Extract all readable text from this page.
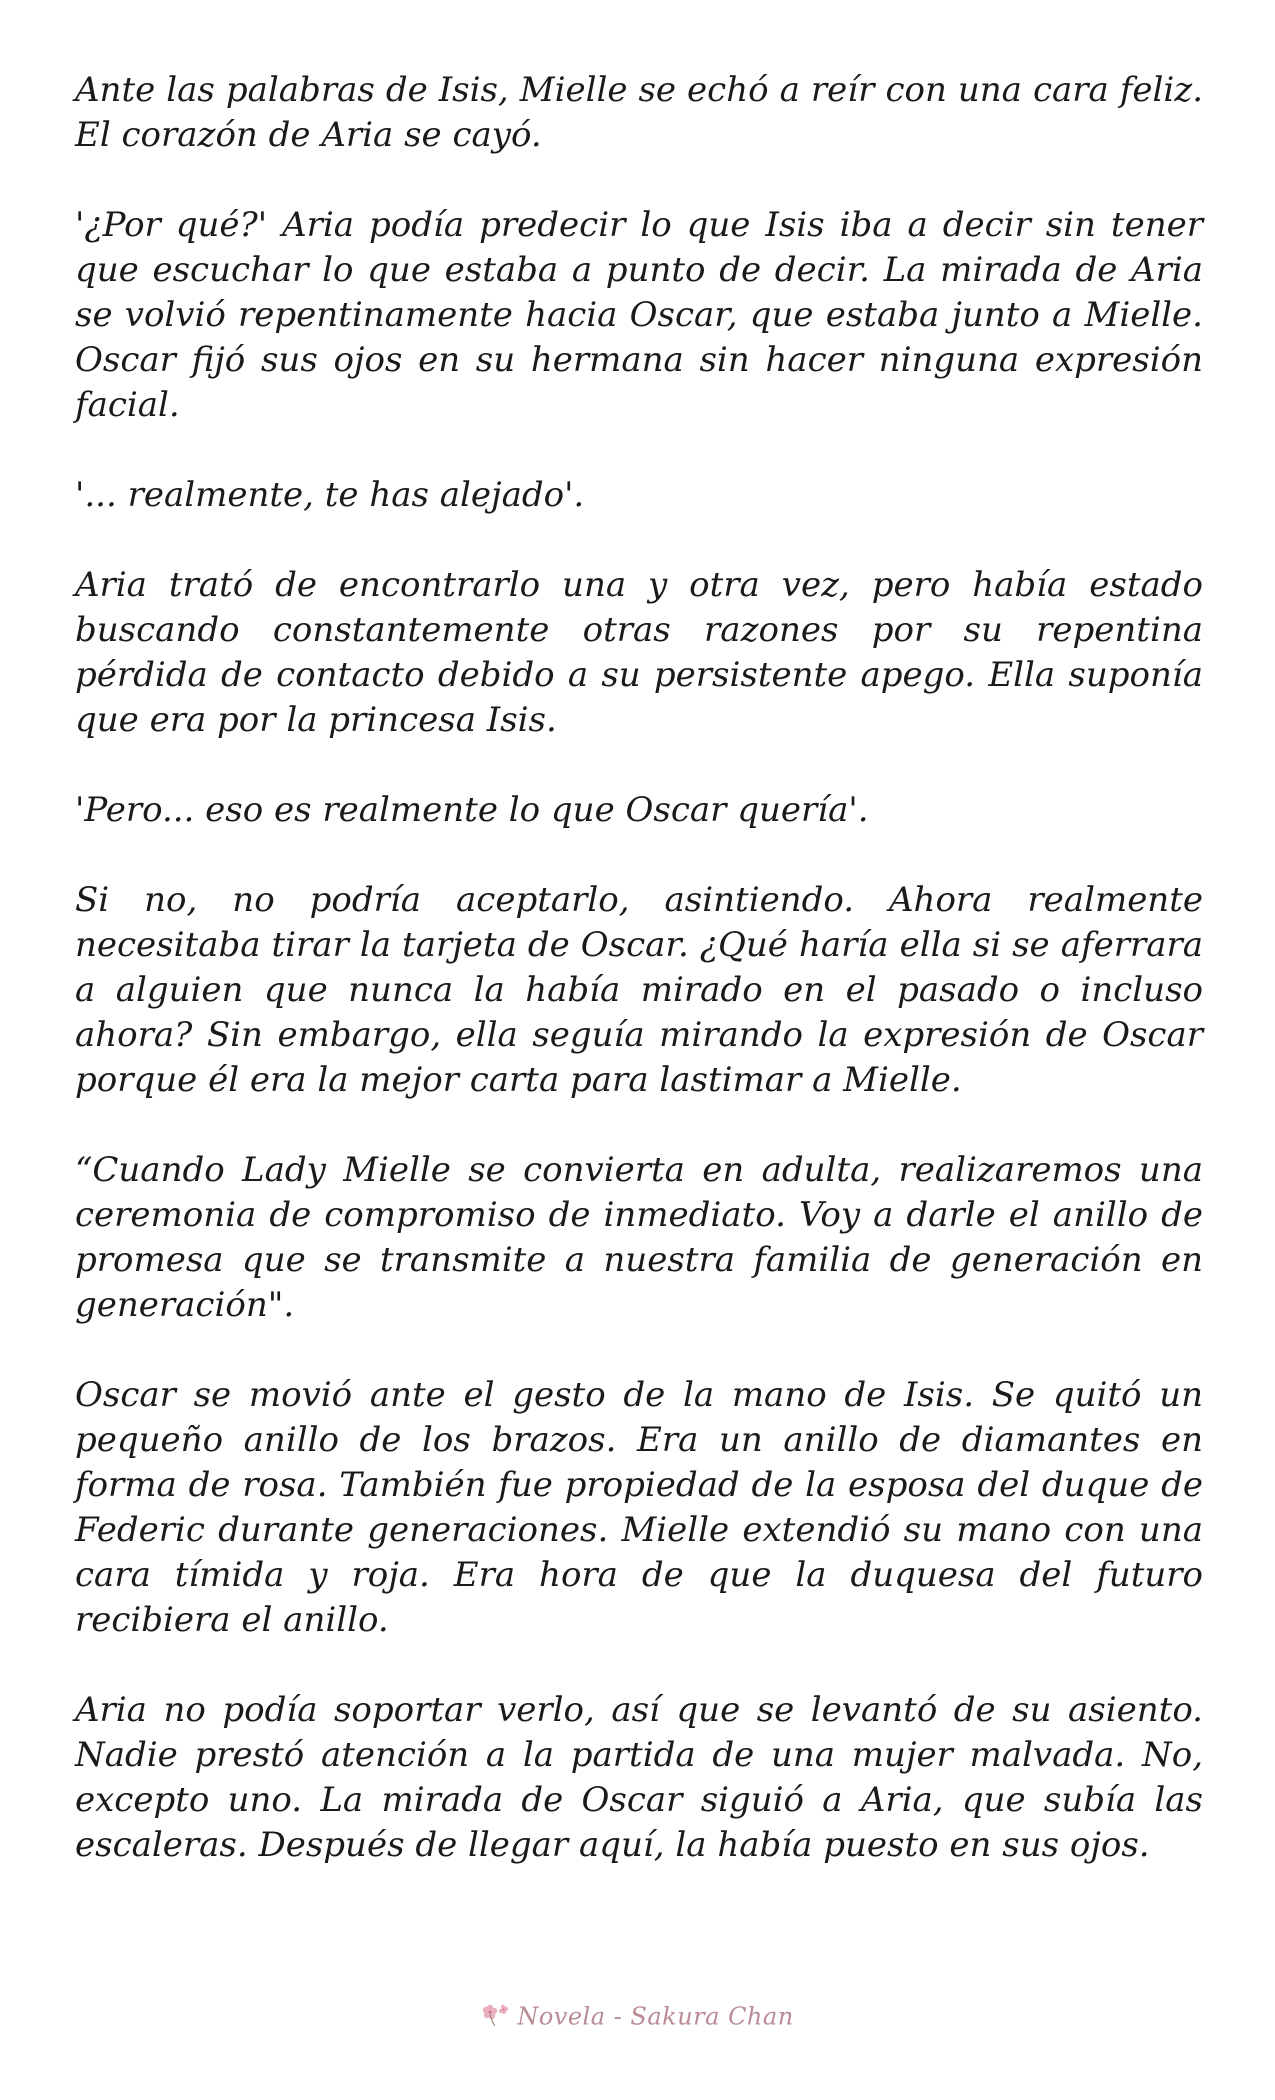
Ante las palabras de Isis, Mielle se echó a reír con una cara feliz. El corazón de Aria se cayó.

'¿Por qué?' Aria podía predecir lo que Isis iba a decir sin tener que escuchar lo que estaba a punto de decir. La mirada de Aria se volvió repentinamente hacia Oscar, que estaba junto a Mielle. Oscar fijó sus ojos en su hermana sin hacer ninguna expresión facial.

'... realmente, te has alejado'.

Aria trató de encontrarlo una y otra vez, pero había estado buscando constantemente otras razones por su repentina pérdida de contacto debido a su persistente apego. Ella suponía que era por la princesa Isis.

'Pero... eso es realmente lo que Oscar quería'.

Si no, no podría aceptarlo, asintiendo. Ahora realmente necesitaba tirar la tarjeta de Oscar. ¿Qué haría ella si se aferrara a alguien que nunca la había mirado en el pasado o incluso ahora? Sin embargo, ella seguía mirando la expresión de Oscar porque él era la mejor carta para lastimar a Mielle.

“Cuando Lady Mielle se convierta en adulta, realizaremos una ceremonia de compromiso de inmediato. Voy a darle el anillo de promesa que se transmite a nuestra familia de generación en generación".

Oscar se movió ante el gesto de la mano de Isis. Se quitó un pequeño anillo de los brazos. Era un anillo de diamantes en forma de rosa. También fue propiedad de la esposa del duque de Federic durante generaciones. Mielle extendió su mano con una cara tímida y roja. Era hora de que la duquesa del futuro recibiera el anillo.

Aria no podía soportar verlo, así que se levantó de su asiento. Nadie prestó atención a la partida de una mujer malvada. No, excepto uno. La mirada de Oscar siguió a Aria, que subía las escaleras. Después de llegar aquí, la había puesto en sus ojos.

Novela - Sakura Chan
